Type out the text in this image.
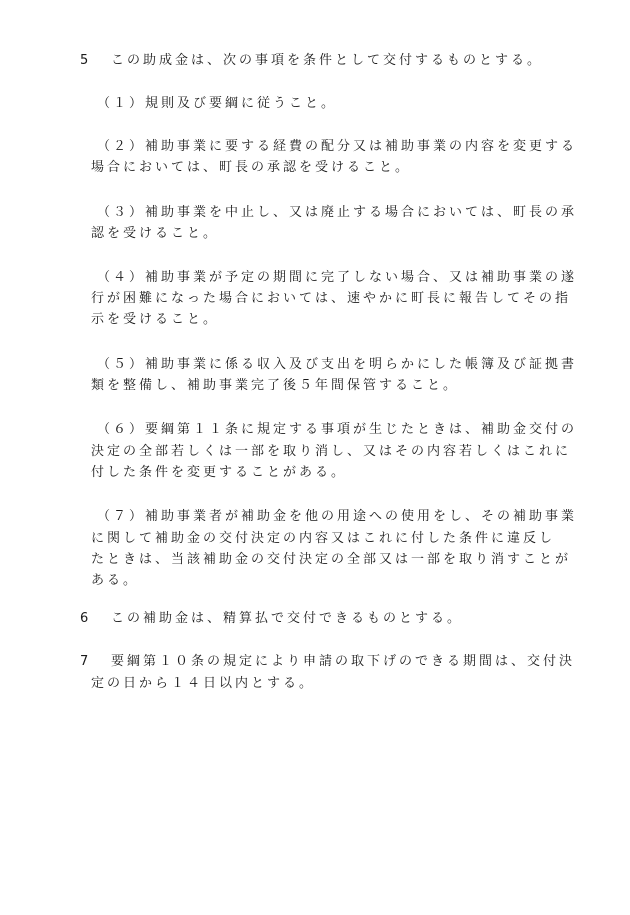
5 この助成金は、次の事項を条件として交付するものとする。
（１）規則及び要綱に従うこと。
（２）補助事業に要する経費の配分又は補助事業の内容を変更する
場合においては、町長の承認を受けること。
（３）補助事業を中止し、又は廃止する場合においては、町長の承
認を受けること。
（４）補助事業が予定の期間に完了しない場合、又は補助事業の遂
行が困難になった場合においては、速やかに町長に報告してその指
示を受けること。
（５）補助事業に係る収入及び支出を明らかにした帳簿及び証拠書
類を整備し、補助事業完了後５年間保管すること。
（６）要綱第１１条に規定する事項が生じたときは、補助金交付の
決定の全部若しくは一部を取り消し、又はその内容若しくはこれに
付した条件を変更することがある。
（７）補助事業者が補助金を他の用途への使用をし、その補助事業
に関して補助金の交付決定の内容又はこれに付した条件に違反し
たときは、当該補助金の交付決定の全部又は一部を取り消すことが
ある。
6 この補助金は、精算払で交付できるものとする。
7 要綱第１０条の規定により申請の取下げのできる期間は、交付決
定の日から１４日以内とする。
